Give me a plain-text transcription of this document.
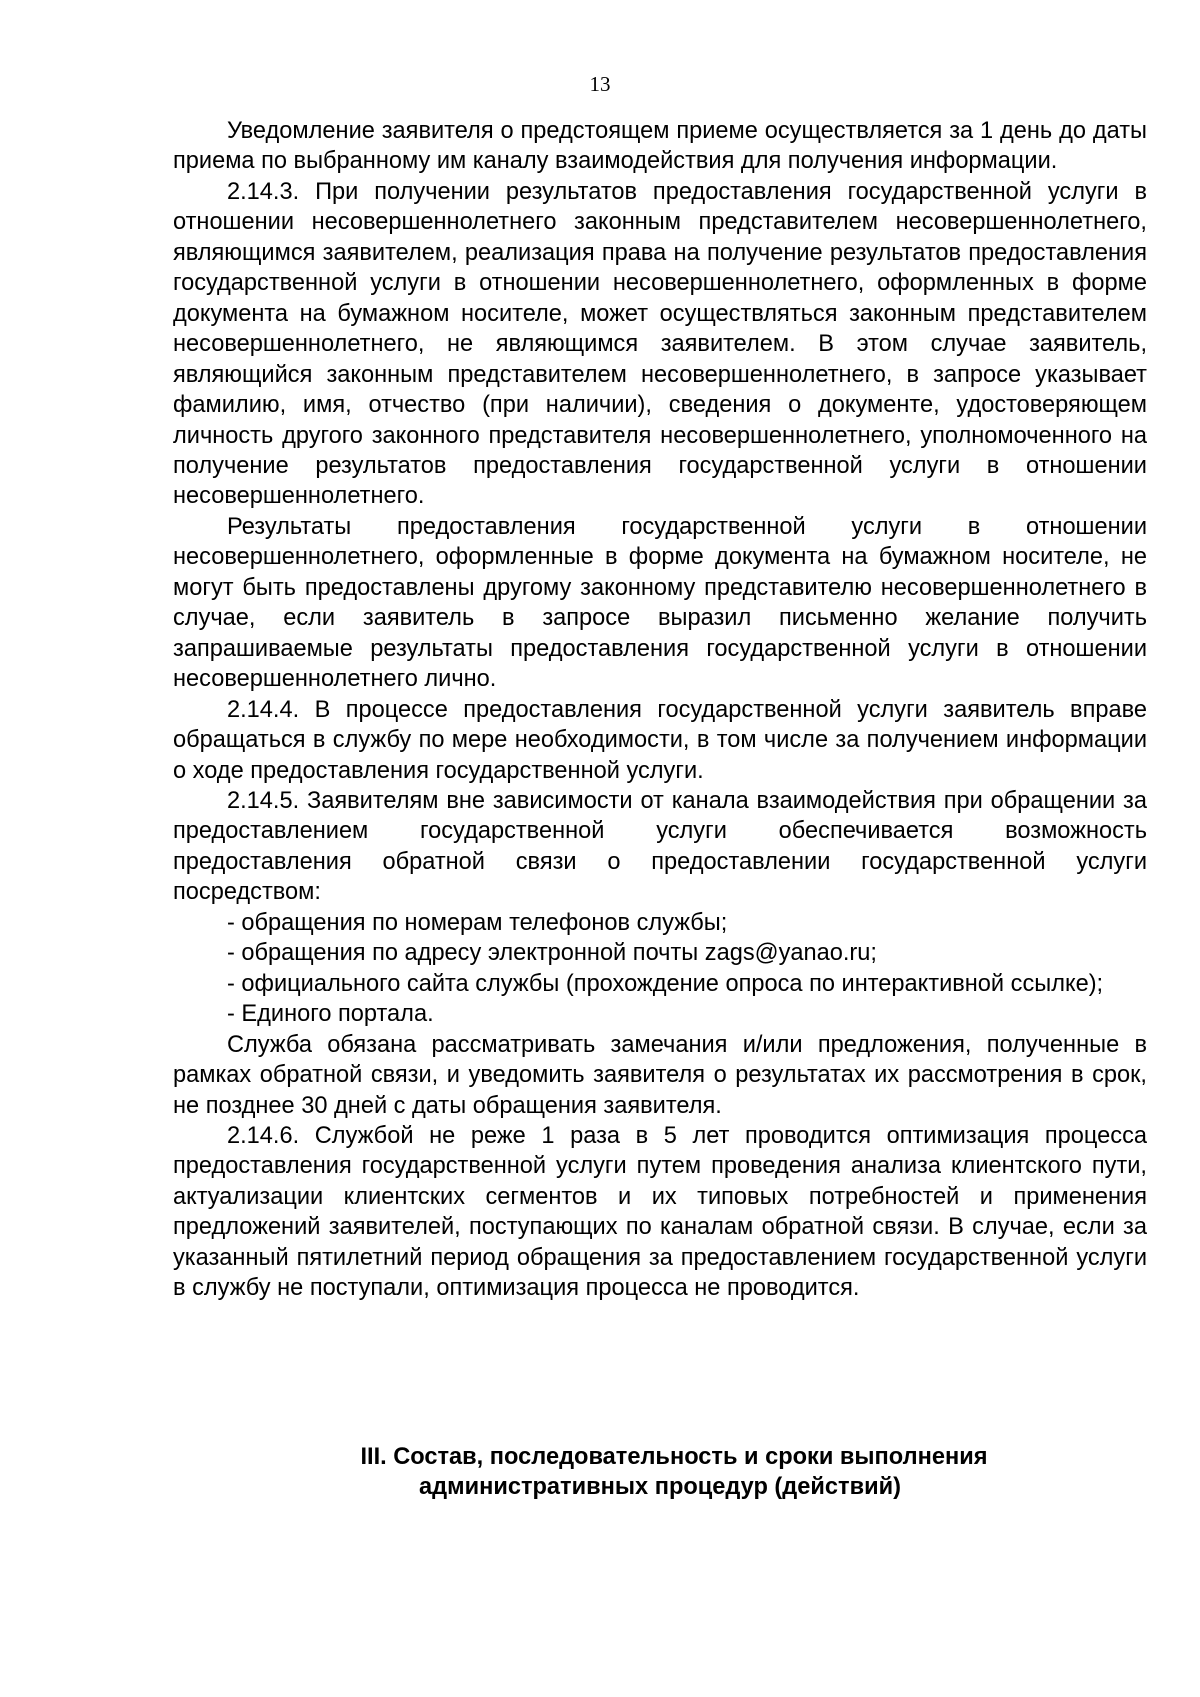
13

Уведомление заявителя о предстоящем приеме осуществляется за 1 день до даты приема по выбранному им каналу взаимодействия для получения информации.

2.14.3. При получении результатов предоставления государственной услуги в отношении несовершеннолетнего законным представителем несовершеннолетнего, являющимся заявителем, реализация права на получение результатов предоставления государственной услуги в отношении несовершеннолетнего, оформленных в форме документа на бумажном носителе, может осуществляться законным представителем несовершеннолетнего, не являющимся заявителем. В этом случае заявитель, являющийся законным представителем несовершеннолетнего, в запросе указывает фамилию, имя, отчество (при наличии), сведения о документе, удостоверяющем личность другого законного представителя несовершеннолетнего, уполномоченного на получение результатов предоставления государственной услуги в отношении несовершеннолетнего.

Результаты предоставления государственной услуги в отношении несовершеннолетнего, оформленные в форме документа на бумажном носителе, не могут быть предоставлены другому законному представителю несовершеннолетнего в случае, если заявитель в запросе выразил письменно желание получить запрашиваемые результаты предоставления государственной услуги в отношении несовершеннолетнего лично.

2.14.4. В процессе предоставления государственной услуги заявитель вправе обращаться в службу по мере необходимости, в том числе за получением информации о ходе предоставления государственной услуги.

2.14.5. Заявителям вне зависимости от канала взаимодействия при обращении за предоставлением государственной услуги обеспечивается возможность предоставления обратной связи о предоставлении государственной услуги посредством:

- обращения по номерам телефонов службы;

- обращения по адресу электронной почты zags@yanao.ru;

- официального сайта службы (прохождение опроса по интерактивной ссылке);

- Единого портала.

Служба обязана рассматривать замечания и/или предложения, полученные в рамках обратной связи, и уведомить заявителя о результатах их рассмотрения в срок, не позднее 30 дней с даты обращения заявителя.

2.14.6. Службой не реже 1 раза в 5 лет проводится оптимизация процесса предоставления государственной услуги путем проведения анализа клиентского пути, актуализации клиентских сегментов и их типовых потребностей и применения предложений заявителей, поступающих по каналам обратной связи. В случае, если за указанный пятилетний период обращения за предоставлением государственной услуги в службу не поступали, оптимизация процесса не проводится.

III. Состав, последовательность и сроки выполнения
административных процедур (действий)
